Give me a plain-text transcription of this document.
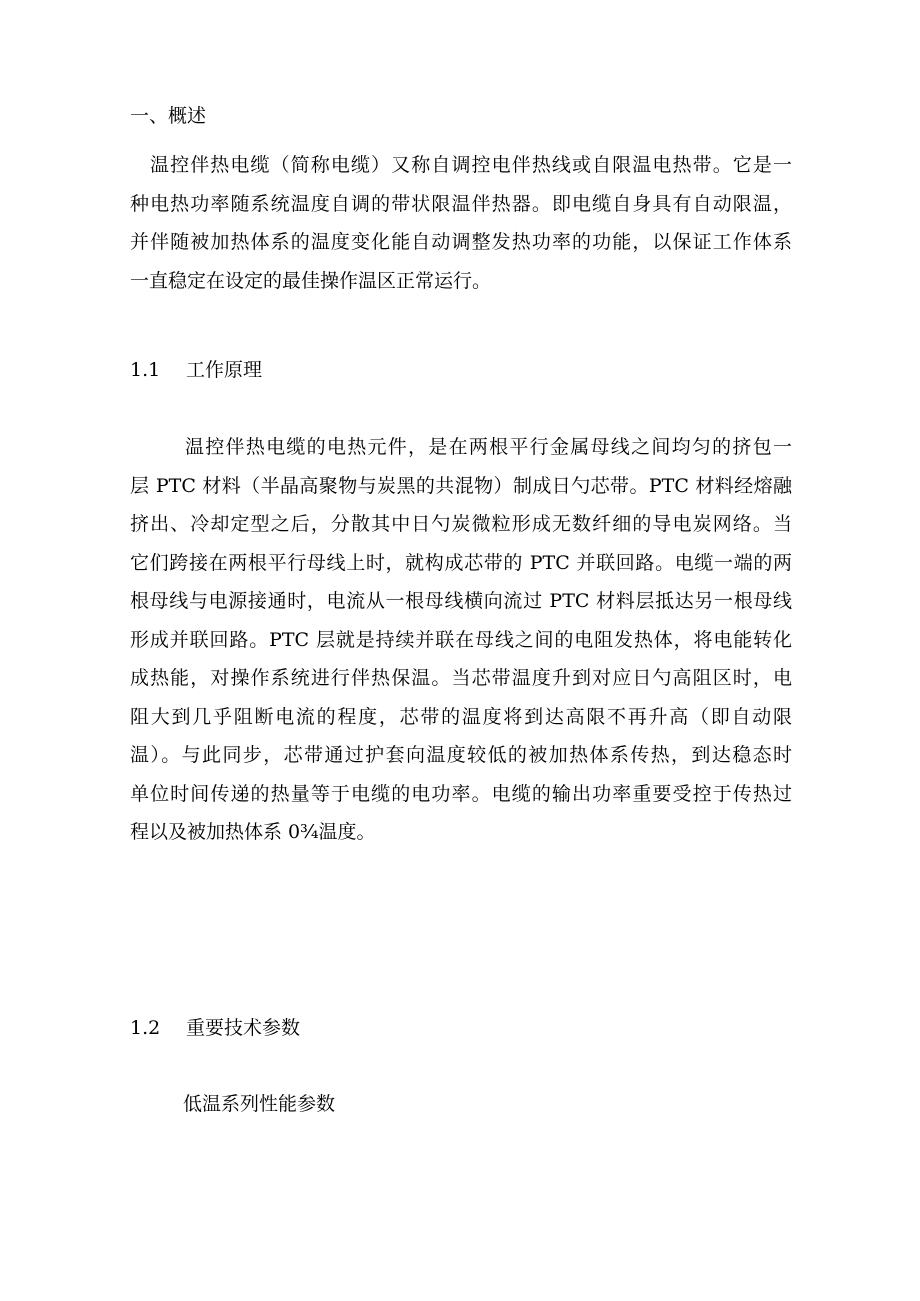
一、概述
温控伴热电缆（简称电缆）又称自调控电伴热线或自限温电热带。它是一
种电热功率随系统温度自调的带状限温伴热器。即电缆自身具有自动限温，
并伴随被加热体系的温度变化能自动调整发热功率的功能，以保证工作体系
一直稳定在设定的最佳操作温区正常运行。
1.1 工作原理
温控伴热电缆的电热元件，是在两根平行金属母线之间均匀的挤包一
层 PTC 材料（半晶高聚物与炭黑的共混物）制成日勺芯带。PTC 材料经熔融
挤出、冷却定型之后，分散其中日勺炭微粒形成无数纤细的导电炭网络。当
它们跨接在两根平行母线上时，就构成芯带的 PTC 并联回路。电缆一端的两
根母线与电源接通时，电流从一根母线横向流过 PTC 材料层抵达另一根母线
形成并联回路。PTC 层就是持续并联在母线之间的电阻发热体，将电能转化
成热能，对操作系统进行伴热保温。当芯带温度升到对应日勺高阻区时，电
阻大到几乎阻断电流的程度，芯带的温度将到达高限不再升高（即自动限
温）。与此同步，芯带通过护套向温度较低的被加热体系传热，到达稳态时
单位时间传递的热量等于电缆的电功率。电缆的输出功率重要受控于传热过
程以及被加热体系 0¾温度。
1.2 重要技术参数
低温系列性能参数
